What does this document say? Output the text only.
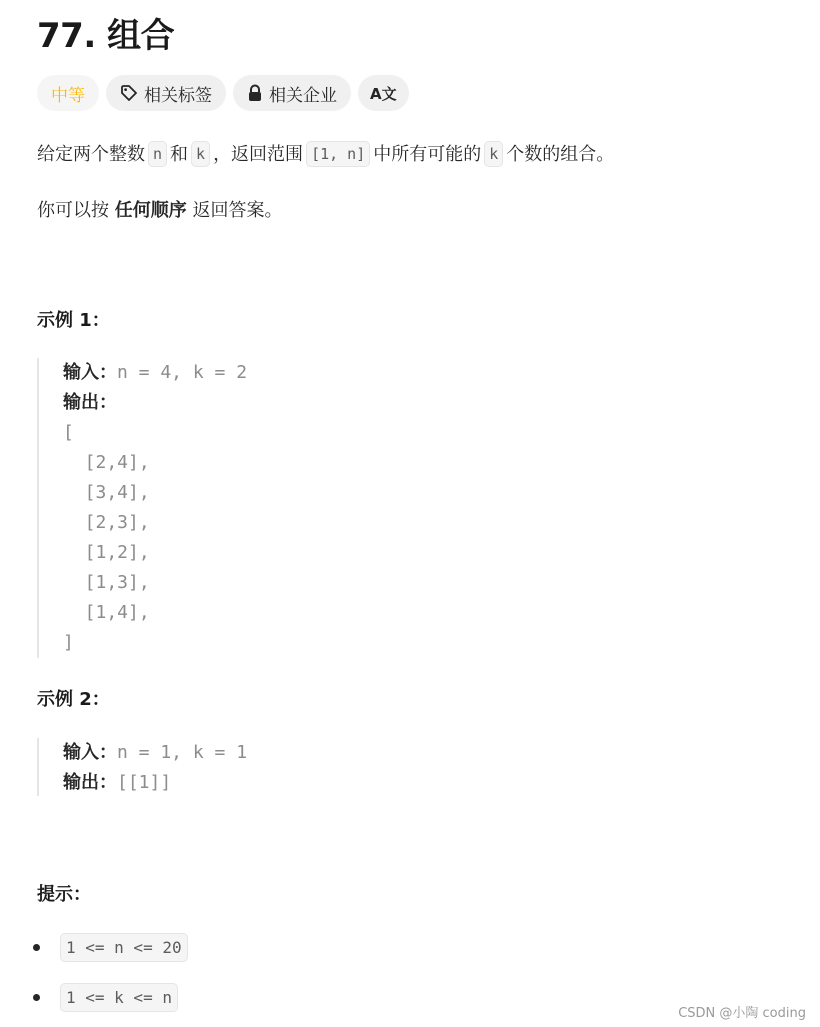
77. 组合
中等	相关标签	相关企业 A文
给定两个整数 n 和 k ，返回范围 [1, n] 中所有可能的 k 个数的组合。
你可以按 任何顺序 返回答案。
示例 1：
输入：n = 4, k = 2
输出：
[
[2,4],
[3,4],
[2,3],
[1,2],
[1,3],
[1,4],
]
示例 2：
输入：n = 1, k = 1
输出：[[1]]
提示：
1 <= n <= 20
1 <= k <= n
CSDN @小陶 coding
